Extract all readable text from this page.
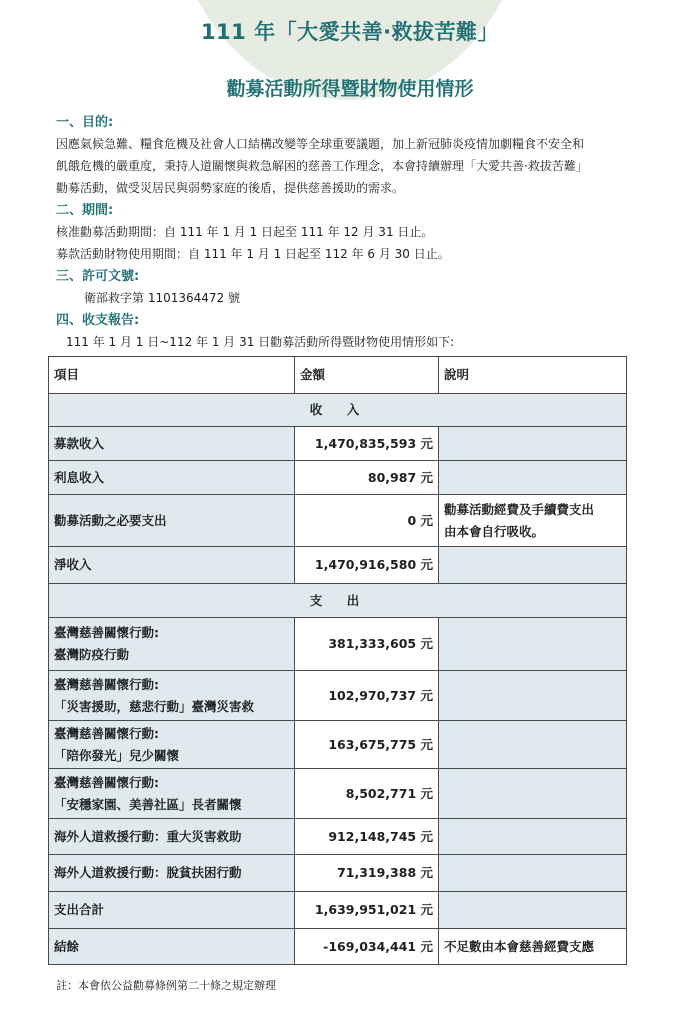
111 年「大愛共善·救拔苦難」
勸募活動所得暨財物使用情形

一、目的:

因應氣候急難、糧食危機及社會人口結構改變等全球重要議題，加上新冠肺炎疫情加劇糧食不安全和

飢餓危機的嚴重度，秉持人道關懷與救急解困的慈善工作理念，本會持續辦理「大愛共善·救拔苦難」

勸募活動，做受災居民與弱勢家庭的後盾，提供慈善援助的需求。

二、期間:

核准勸募活動期間：自 111 年 1 月 1 日起至 111 年 12 月 31 日止。

募款活動財物使用期間：自 111 年 1 月 1 日起至 112 年 6 月 30 日止。

三、許可文號:

衛部救字第 1101364472 號

四、收支報告:

111 年 1 月 1 日~112 年 1 月 31 日勸募活動所得暨財物使用情形如下:

項目	金額	說明
收　入		
募款收入	1,470,835,593 元	
利息收入	80,987 元	
勸募活動之必要支出	0 元	勸募活動經費及手續費支出
由本會自行吸收。

淨收入	1,470,916,580 元	
支　出		

臺灣慈善關懷行動:
臺灣防疫行動	381,333,605 元	

臺灣慈善關懷行動:
「災害援助，慈悲行動」臺灣災害救	102,970,737 元	

臺灣慈善關懷行動:
「陪你發光」兒少關懷	163,675,775 元	

臺灣慈善關懷行動:
「安穩家園、美善社區」長者關懷	8,502,771 元	
海外人道救援行動：重大災害救助	912,148,745 元	
海外人道救援行動：脫貧扶困行動	71,319,388 元	
支出合計	1,639,951,021 元	
結餘	-169,034,441 元	不足數由本會慈善經費支應
註：本會依公益勸募條例第二十條之規定辦理
